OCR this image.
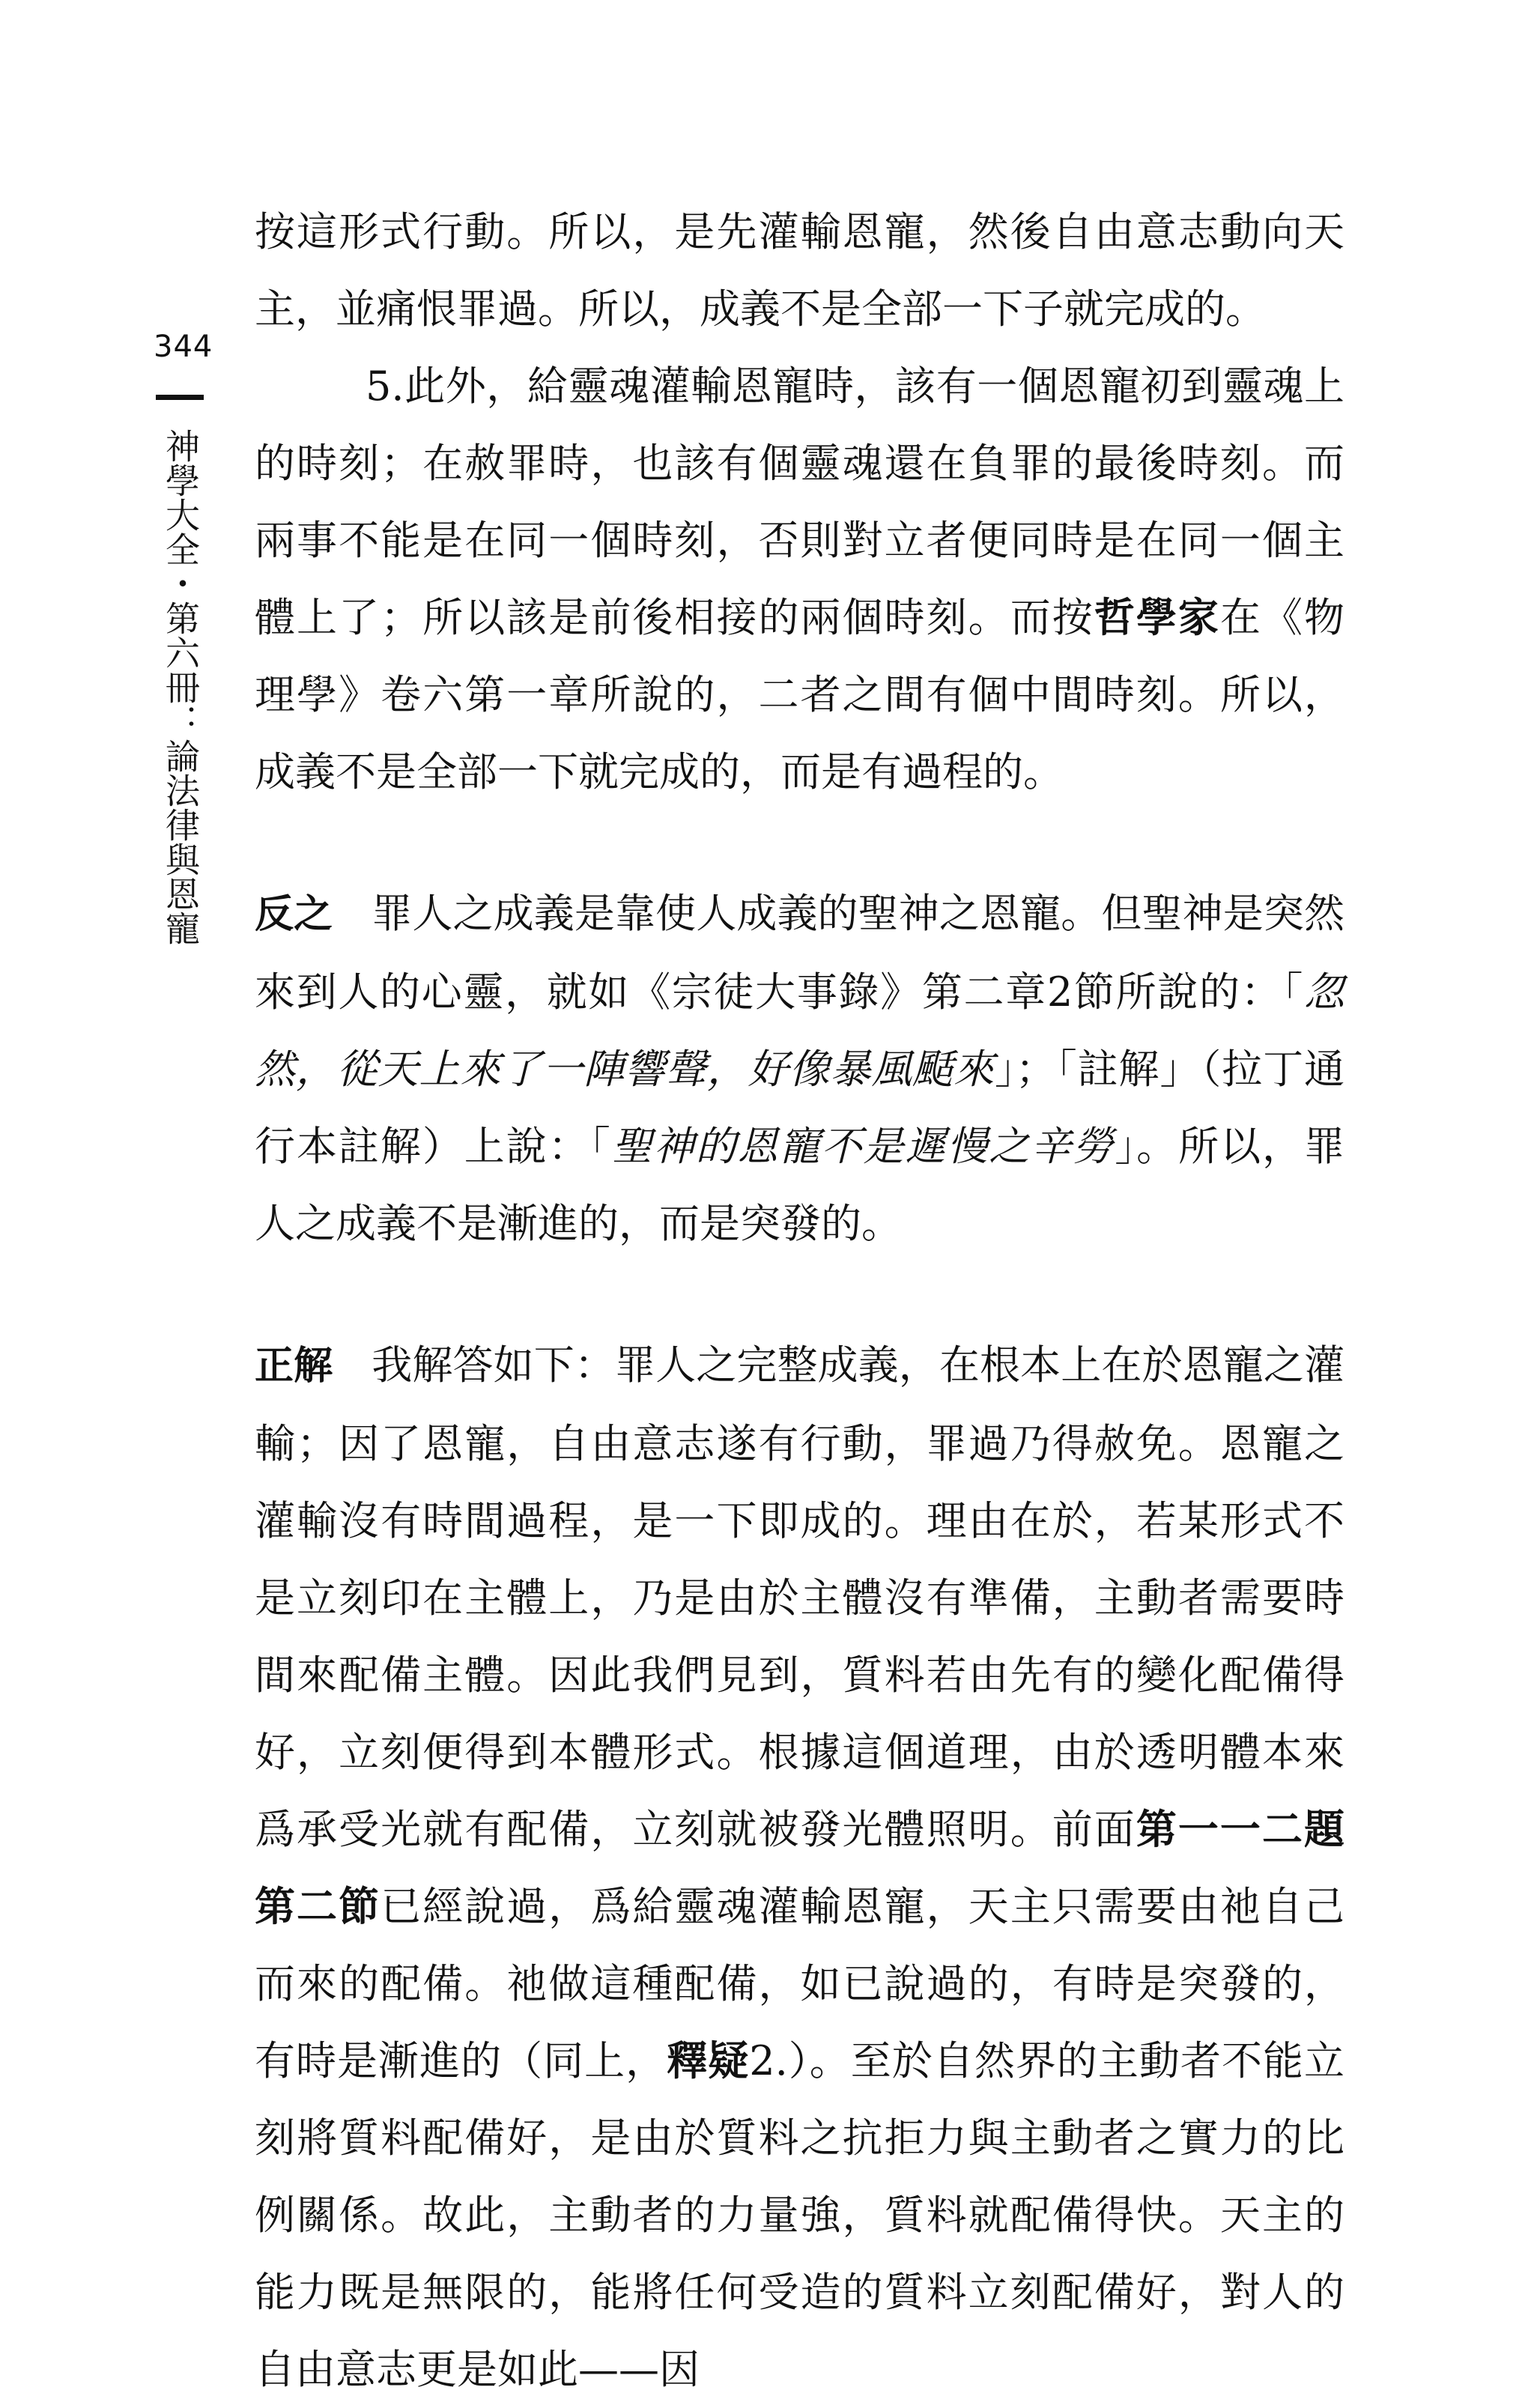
344
神學大全・第六冊：論法律與恩寵

按這形式行動。所以，是先灌輸恩寵，然後自由意志動向天主，並痛恨罪過。所以，成義不是全部一下子就完成的。

5.此外，給靈魂灌輸恩寵時，該有一個恩寵初到靈魂上的時刻；在赦罪時，也該有個靈魂還在負罪的最後時刻。而兩事不能是在同一個時刻，否則對立者便同時是在同一個主體上了；所以該是前後相接的兩個時刻。而按哲學家在《物理學》卷六第一章所說的，二者之間有個中間時刻。所以，成義不是全部一下就完成的，而是有過程的。

反之 罪人之成義是靠使人成義的聖神之恩寵。但聖神是突然來到人的心靈，就如《宗徒大事錄》第二章2節所說的：「忽然，從天上來了一陣響聲，好像暴風颳來」；「註解」（拉丁通行本註解）上說：「聖神的恩寵不是遲慢之辛勞」。所以，罪人之成義不是漸進的，而是突發的。

正解 我解答如下：罪人之完整成義，在根本上在於恩寵之灌輸；因了恩寵，自由意志遂有行動，罪過乃得赦免。恩寵之灌輸沒有時間過程，是一下即成的。理由在於，若某形式不是立刻印在主體上，乃是由於主體沒有準備，主動者需要時間來配備主體。因此我們見到，質料若由先有的變化配備得好，立刻便得到本體形式。根據這個道理，由於透明體本來爲承受光就有配備，立刻就被發光體照明。前面第一一二題第二節已經說過，爲給靈魂灌輸恩寵，天主只需要由祂自己而來的配備。祂做這種配備，如已說過的，有時是突發的，有時是漸進的（同上，釋疑2.）。至於自然界的主動者不能立刻將質料配備好，是由於質料之抗拒力與主動者之實力的比例關係。故此，主動者的力量強，質料就配備得快。天主的能力既是無限的，能將任何受造的質料立刻配備好，對人的自由意志更是如此——因
